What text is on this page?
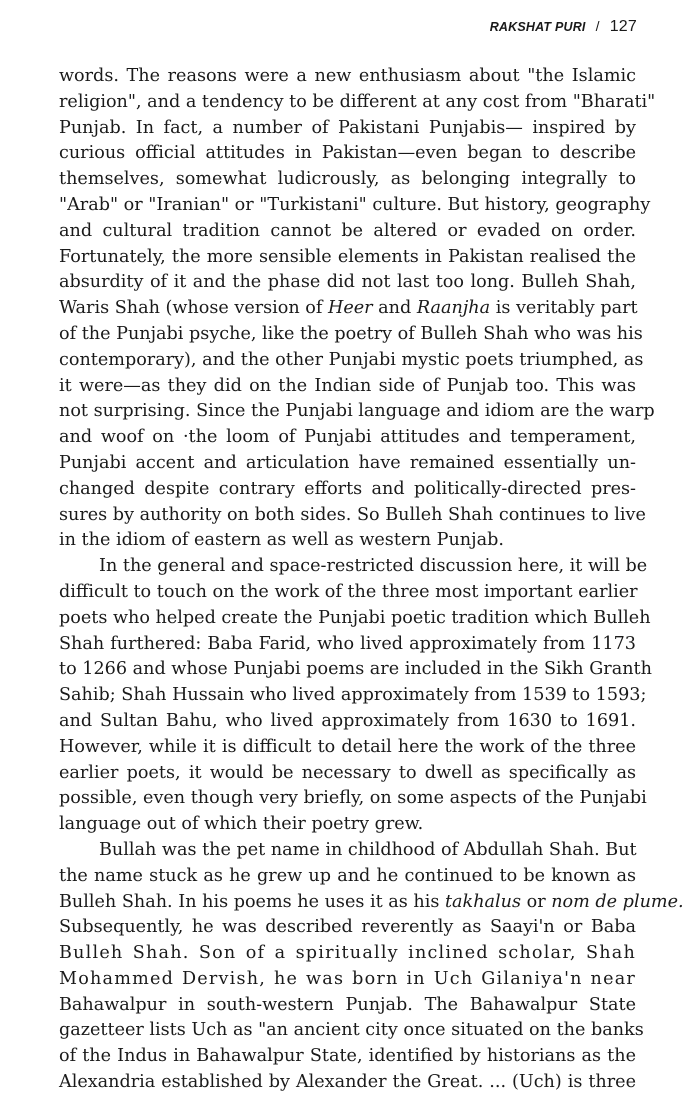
RAKSHAT PURI / 127
words. The reasons were a new enthusiasm about "the Islamic
religion", and a tendency to be different at any cost from "Bharati"
Punjab. In fact, a number of Pakistani Punjabis— inspired by
curious official attitudes in Pakistan—even began to describe
themselves, somewhat ludicrously, as belonging integrally to
"Arab" or "Iranian" or "Turkistani" culture. But history, geography
and cultural tradition cannot be altered or evaded on order.
Fortunately, the more sensible elements in Pakistan realised the
absurdity of it and the phase did not last too long. Bulleh Shah,
Waris Shah (whose version of Heer and Raanjha is veritably part
of the Punjabi psyche, like the poetry of Bulleh Shah who was his
contemporary), and the other Punjabi mystic poets triumphed, as
it were—as they did on the Indian side of Punjab too. This was
not surprising. Since the Punjabi language and idiom are the warp
and woof on ·the loom of Punjabi attitudes and temperament,
Punjabi accent and articulation have remained essentially un-
changed despite contrary efforts and politically-directed pres-
sures by authority on both sides. So Bulleh Shah continues to live
in the idiom of eastern as well as western Punjab.
In the general and space-restricted discussion here, it will be
difficult to touch on the work of the three most important earlier
poets who helped create the Punjabi poetic tradition which Bulleh
Shah furthered: Baba Farid, who lived approximately from 1173
to 1266 and whose Punjabi poems are included in the Sikh Granth
Sahib; Shah Hussain who lived approximately from 1539 to 1593;
and Sultan Bahu, who lived approximately from 1630 to 1691.
However, while it is difficult to detail here the work of the three
earlier poets, it would be necessary to dwell as specifically as
possible, even though very briefly, on some aspects of the Punjabi
language out of which their poetry grew.
Bullah was the pet name in childhood of Abdullah Shah. But
the name stuck as he grew up and he continued to be known as
Bulleh Shah. In his poems he uses it as his takhalus or nom de plume.
Subsequently, he was described reverently as Saayi'n or Baba
Bulleh Shah. Son of a spiritually inclined scholar, Shah
Mohammed Dervish, he was born in Uch Gilaniya'n near
Bahawalpur in south-western Punjab. The Bahawalpur State
gazetteer lists Uch as "an ancient city once situated on the banks
of the Indus in Bahawalpur State, identified by historians as the
Alexandria established by Alexander the Great. ... (Uch) is three
